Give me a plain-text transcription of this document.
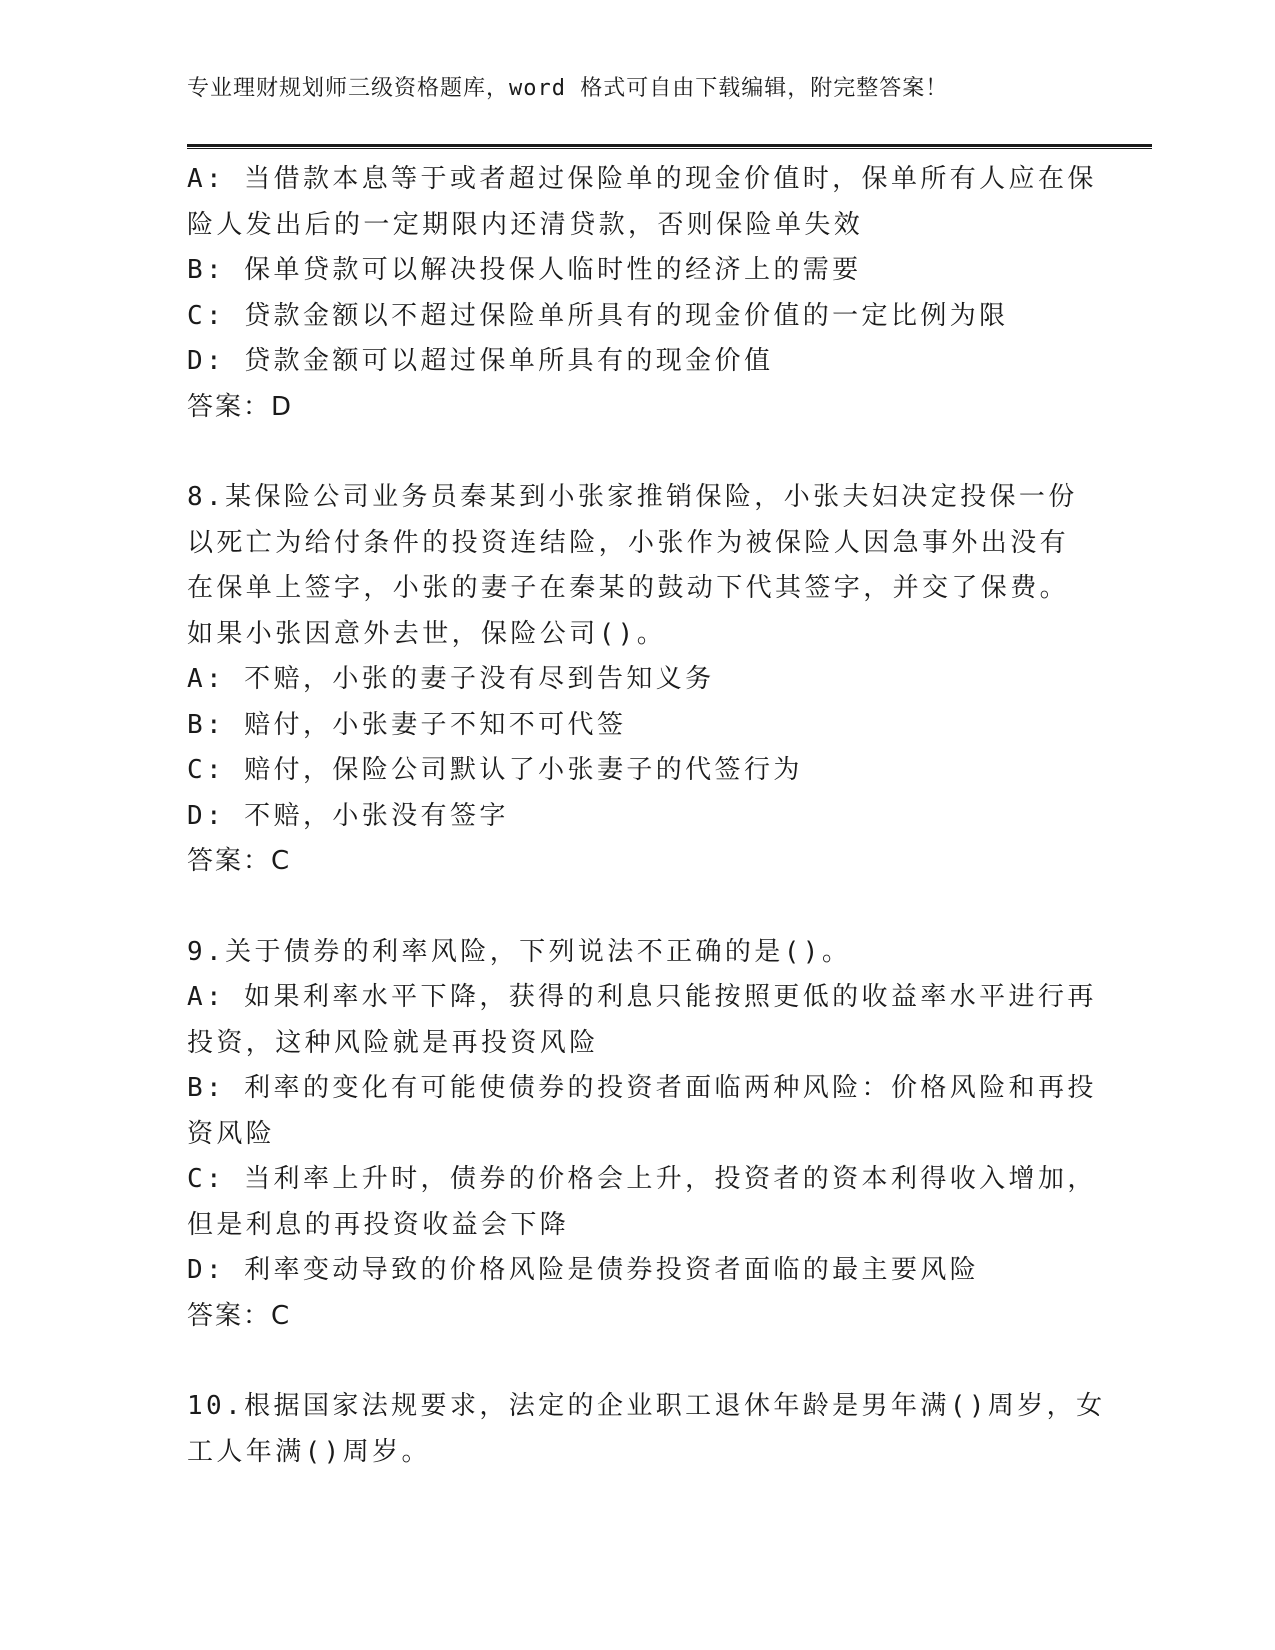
专业理财规划师三级资格题库，word 格式可自由下载编辑，附完整答案！
A: 当借款本息等于或者超过保险单的现金价值时，保单所有人应在保
险人发出后的一定期限内还清贷款，否则保险单失效
B: 保单贷款可以解决投保人临时性的经济上的需要
C: 贷款金额以不超过保险单所具有的现金价值的一定比例为限
D: 贷款金额可以超过保单所具有的现金价值
答案：D
8.某保险公司业务员秦某到小张家推销保险，小张夫妇决定投保一份
以死亡为给付条件的投资连结险，小张作为被保险人因急事外出没有
在保单上签字，小张的妻子在秦某的鼓动下代其签字，并交了保费。
如果小张因意外去世，保险公司()。
A: 不赔，小张的妻子没有尽到告知义务
B: 赔付，小张妻子不知不可代签
C: 赔付，保险公司默认了小张妻子的代签行为
D: 不赔，小张没有签字
答案：C
9.关于债券的利率风险，下列说法不正确的是()。
A: 如果利率水平下降，获得的利息只能按照更低的收益率水平进行再
投资，这种风险就是再投资风险
B: 利率的变化有可能使债券的投资者面临两种风险：价格风险和再投
资风险
C: 当利率上升时，债券的价格会上升，投资者的资本利得收入增加，
但是利息的再投资收益会下降
D: 利率变动导致的价格风险是债券投资者面临的最主要风险
答案：C
10.根据国家法规要求，法定的企业职工退休年龄是男年满()周岁，女
工人年满()周岁。
